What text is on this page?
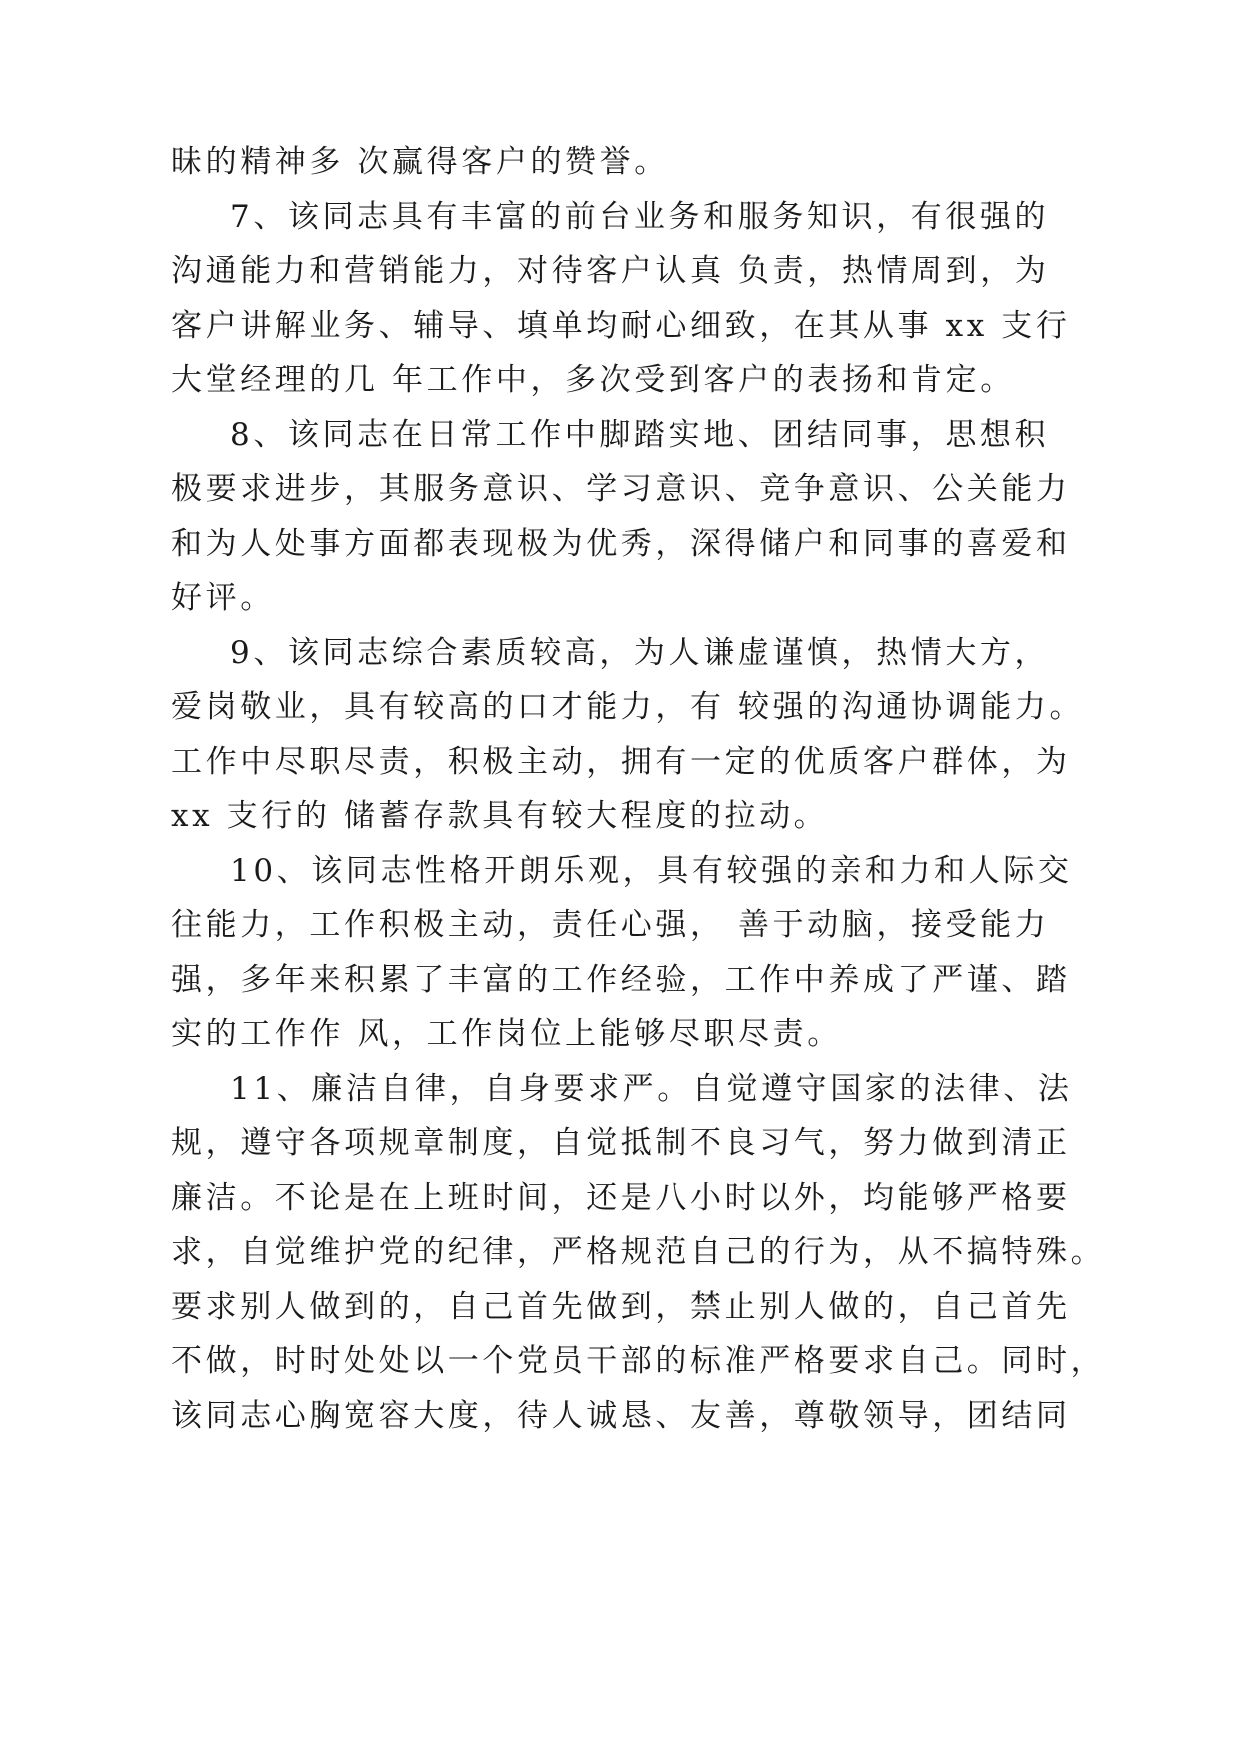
昧的精神多 次赢得客户的赞誉。
7、该同志具有丰富的前台业务和服务知识，有很强的
沟通能力和营销能力，对待客户认真 负责，热情周到，为
客户讲解业务、辅导、填单均耐心细致，在其从事 xx 支行
大堂经理的几 年工作中，多次受到客户的表扬和肯定。
8、该同志在日常工作中脚踏实地、团结同事，思想积
极要求进步，其服务意识、学习意识、竞争意识、公关能力
和为人处事方面都表现极为优秀，深得储户和同事的喜爱和
好评。
9、该同志综合素质较高，为人谦虚谨慎，热情大方，
爱岗敬业，具有较高的口才能力，有 较强的沟通协调能力。
工作中尽职尽责，积极主动，拥有一定的优质客户群体，为
xx 支行的 储蓄存款具有较大程度的拉动。
10、该同志性格开朗乐观，具有较强的亲和力和人际交
往能力，工作积极主动，责任心强， 善于动脑，接受能力
强，多年来积累了丰富的工作经验，工作中养成了严谨、踏
实的工作作 风，工作岗位上能够尽职尽责。
11、廉洁自律，自身要求严。自觉遵守国家的法律、法
规，遵守各项规章制度，自觉抵制不良习气，努力做到清正
廉洁。不论是在上班时间，还是八小时以外，均能够严格要
求，自觉维护党的纪律，严格规范自己的行为，从不搞特殊。
要求别人做到的，自己首先做到，禁止别人做的，自己首先
不做，时时处处以一个党员干部的标准严格要求自己。同时，
该同志心胸宽容大度，待人诚恳、友善，尊敬领导，团结同
